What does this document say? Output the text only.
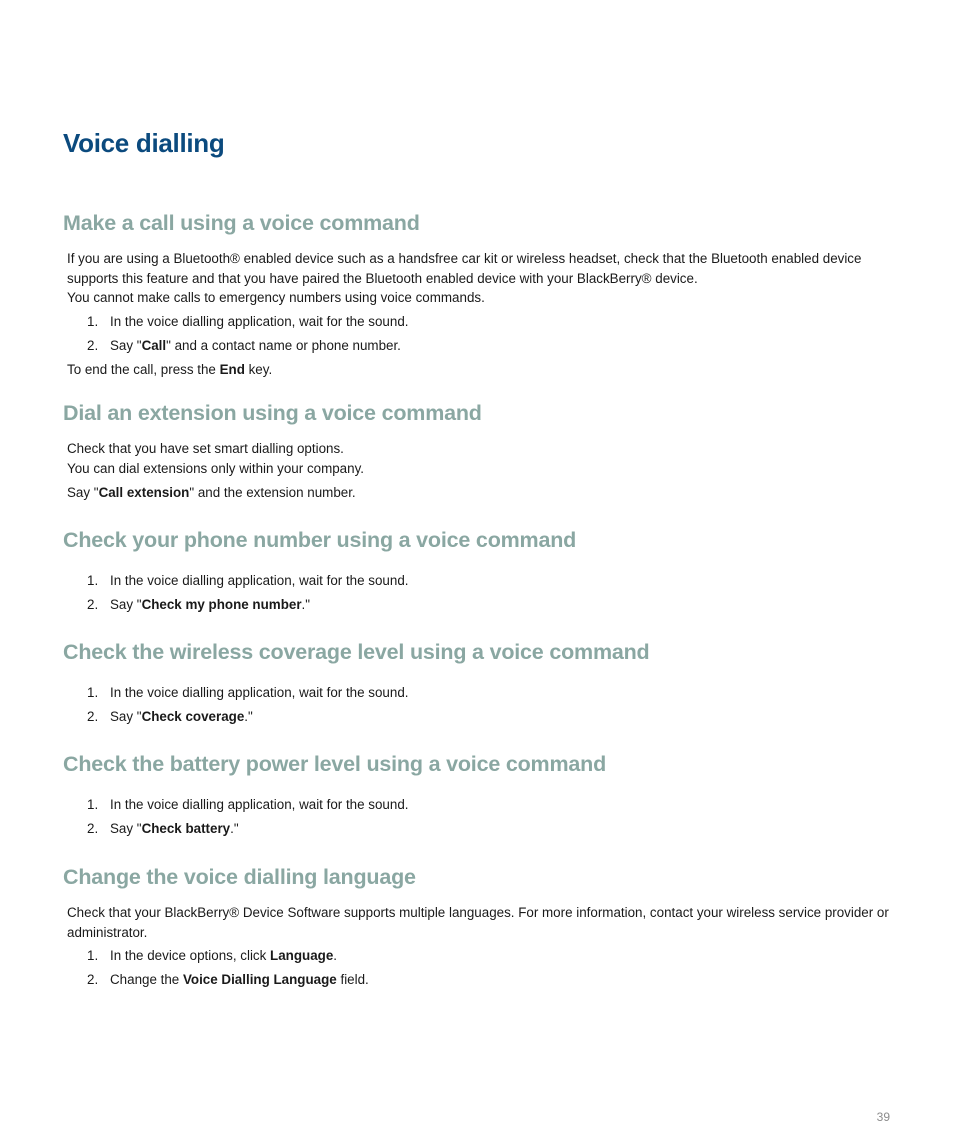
Voice dialling
Make a call using a voice command

If you are using a Bluetooth® enabled device such as a handsfree car kit or wireless headset, check that the Bluetooth enabled device supports this feature and that you have paired the Bluetooth enabled device with your BlackBerry® device.

You cannot make calls to emergency numbers using voice commands.

1. In the voice dialling application, wait for the sound.

2. Say "Call" and a contact name or phone number.

To end the call, press the End key.

Dial an extension using a voice command

Check that you have set smart dialling options.

You can dial extensions only within your company.

Say "Call extension" and the extension number.

Check your phone number using a voice command

1. In the voice dialling application, wait for the sound.

2. Say "Check my phone number."

Check the wireless coverage level using a voice command

1. In the voice dialling application, wait for the sound.

2. Say "Check coverage."

Check the battery power level using a voice command

1. In the voice dialling application, wait for the sound.

2. Say "Check battery."

Change the voice dialling language

Check that your BlackBerry® Device Software supports multiple languages. For more information, contact your wireless service provider or administrator.

1. In the device options, click Language.

2. Change the Voice Dialling Language field.

39
